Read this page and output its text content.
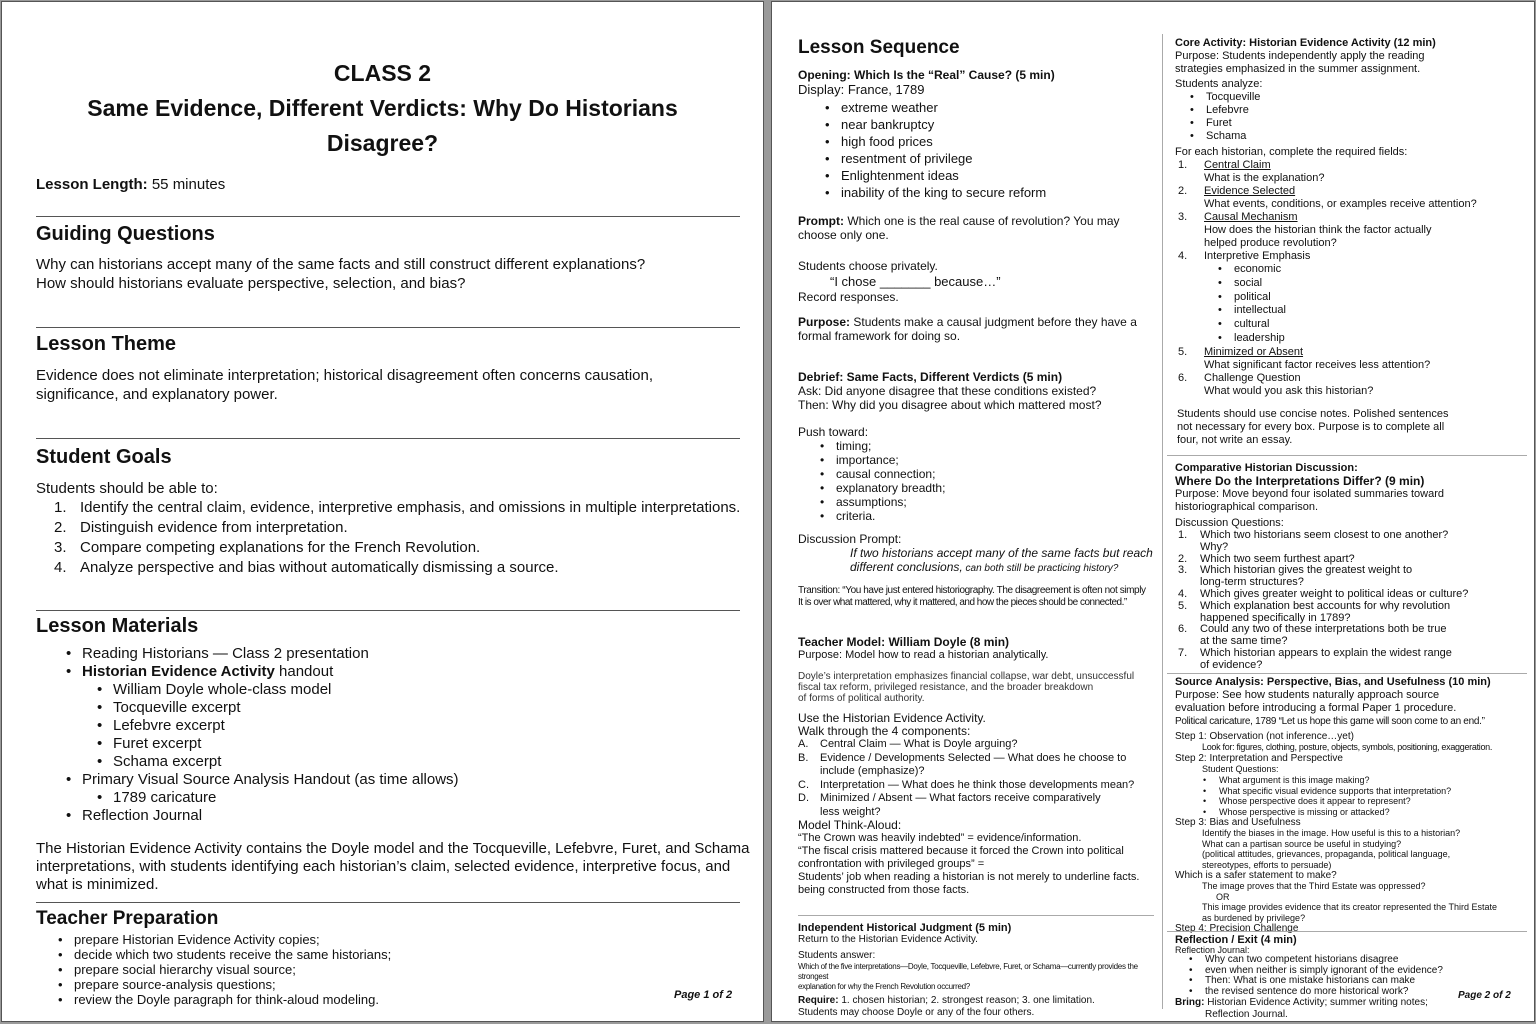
CLASS 2
Same Evidence, Different Verdicts: Why Do Historians
Disagree?
Lesson Length: 55 minutes
Guiding Questions
Why can historians accept many of the same facts and still construct different explanations?
How should historians evaluate perspective, selection, and bias?
Lesson Theme
Evidence does not eliminate interpretation; historical disagreement often concerns causation,
significance, and explanatory power.
Student Goals
Students should be able to:
1. Identify the central claim, evidence, interpretive emphasis, and omissions in multiple interpretations.
2. Distinguish evidence from interpretation.
3. Compare competing explanations for the French Revolution.
4. Analyze perspective and bias without automatically dismissing a source.
Lesson Materials
• Reading Historians — Class 2 presentation
• Historian Evidence Activity handout
• William Doyle whole-class model
• Tocqueville excerpt
• Lefebvre excerpt
• Furet excerpt
• Schama excerpt
• Primary Visual Source Analysis Handout (as time allows)
• 1789 caricature
• Reflection Journal
The Historian Evidence Activity contains the Doyle model and the Tocqueville, Lefebvre, Furet, and Schama
interpretations, with students identifying each historian’s claim, selected evidence, interpretive focus, and
what is minimized.
Teacher Preparation
• prepare Historian Evidence Activity copies;
• decide which two students receive the same historians;
• prepare social hierarchy visual source;
• prepare source-analysis questions;
• review the Doyle paragraph for think-aloud modeling.	Page 1 of 2
Lesson Sequence
Opening: Which Is the “Real” Cause? (5 min)
Display: France, 1789
• extreme weather
• near bankruptcy
• high food prices
• resentment of privilege
• Enlightenment ideas
• inability of the king to secure reform
Prompt: Which one is the real cause of revolution? You may
choose only one.
Students choose privately.
“I chose _______ because…”
Record responses.
Purpose: Students make a causal judgment before they have a
formal framework for doing so.
Debrief: Same Facts, Different Verdicts (5 min)
Ask: Did anyone disagree that these conditions existed?
Then: Why did you disagree about which mattered most?
Push toward:
• timing;
• importance;
• causal connection;
• explanatory breadth;
• assumptions;
• criteria.
Discussion Prompt:
If two historians accept many of the same facts but reach
different conclusions, can both still be practicing history?
Transition: “You have just entered historiography. The disagreement is often not simply
It is over what mattered, why it mattered, and how the pieces should be connected.”
Teacher Model: William Doyle (8 min)
Purpose: Model how to read a historian analytically.
Doyle’s interpretation emphasizes financial collapse, war debt, unsuccessful
fiscal tax reform, privileged resistance, and the broader breakdown
of forms of political authority.
Use the Historian Evidence Activity.
Walk through the 4 components:
A. Central Claim — What is Doyle arguing?
B. Evidence / Developments Selected — What does he choose to
include (emphasize)?
C. Interpretation — What does he think those developments mean?
D. Minimized / Absent — What factors receive comparatively
less weight?
Model Think-Aloud:
“The Crown was heavily indebted” = evidence/information.
“The fiscal crisis mattered because it forced the Crown into political
confrontation with privileged groups” =
Students’ job when reading a historian is not merely to underline facts.
being constructed from those facts.
Independent Historical Judgment (5 min)
Return to the Historian Evidence Activity.
Students answer:
Which of the five interpretations—Doyle, Tocqueville, Lefebvre, Furet, or Schama—currently provides the strongest
explanation for why the French Revolution occurred?
Require: 1. chosen historian; 2. strongest reason; 3. one limitation.
Students may choose Doyle or any of the four others.
Core Activity: Historian Evidence Activity (12 min)
Purpose: Students independently apply the reading
strategies emphasized in the summer assignment.
Students analyze:
• Tocqueville
• Lefebvre
• Furet
• Schama
For each historian, complete the required fields:
1. Central Claim
What is the explanation?
2. Evidence Selected
What events, conditions, or examples receive attention?
3. Causal Mechanism
How does the historian think the factor actually
helped produce revolution?
4. Interpretive Emphasis
• economic
• social
• political
• intellectual
• cultural
• leadership
5. Minimized or Absent
What significant factor receives less attention?
6. Challenge Question
What would you ask this historian?
Students should use concise notes. Polished sentences
not necessary for every box. Purpose is to complete all
four, not write an essay.
Comparative Historian Discussion:
Where Do the Interpretations Differ? (9 min)
Purpose: Move beyond four isolated summaries toward
historiographical comparison.
Discussion Questions:
1. Which two historians seem closest to one another?
Why?
2. Which two seem furthest apart?
3. Which historian gives the greatest weight to
long-term structures?
4. Which gives greater weight to political ideas or culture?
5. Which explanation best accounts for why revolution
happened specifically in 1789?
6. Could any two of these interpretations both be true
at the same time?
7. Which historian appears to explain the widest range
of evidence?
Source Analysis: Perspective, Bias, and Usefulness (10 min)
Purpose: See how students naturally approach source
evaluation before introducing a formal Paper 1 procedure.
Political caricature, 1789 “Let us hope this game will soon come to an end.”
Step 1: Observation (not inference…yet)
Look for: figures, clothing, posture, objects, symbols, positioning, exaggeration.
Step 2: Interpretation and Perspective
Student Questions:
• What argument is this image making?
• What specific visual evidence supports that interpretation?
• Whose perspective does it appear to represent?
• Whose perspective is missing or attacked?
Step 3: Bias and Usefulness
Identify the biases in the image. How useful is this to a historian?
What can a partisan source be useful in studying?
(political attitudes, grievances, propaganda, political language,
stereotypes, efforts to persuade)
Which is a safer statement to make?
The image proves that the Third Estate was oppressed?
OR
This image provides evidence that its creator represented the Third Estate
as burdened by privilege?
Step 4: Precision Challenge
Reflection / Exit (4 min)
Reflection Journal:
• Why can two competent historians disagree
• even when neither is simply ignorant of the evidence?
• Then: What is one mistake historians can make
• the revised sentence do more historical work?
Bring: Historian Evidence Activity; summer writing notes;
Reflection Journal.
Page 2 of 2
